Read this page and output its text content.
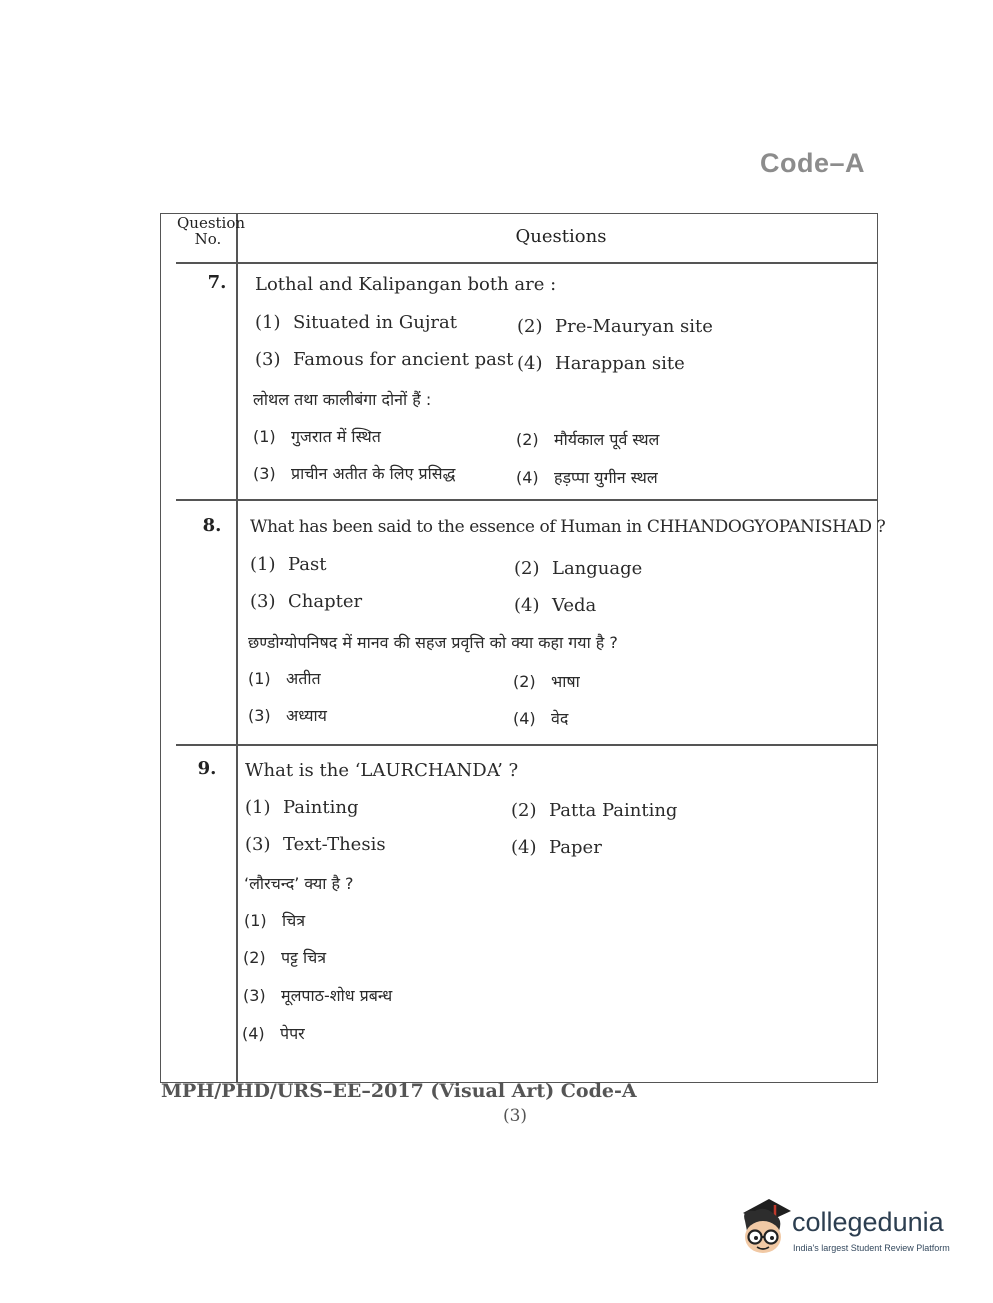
Code–A
Question
No.	Questions
7.	Lothal and Kalipangan both are :
(1) Situated in Gujrat	(2) Pre-Mauryan site
(3) Famous for ancient past (4) Harappan site
लोथल तथा कालीबंगा दोनों हैं :
(1) गुजरात में स्थित	(2) मौर्यकाल पूर्व स्थल
(3) प्राचीन अतीत के लिए प्रसिद्ध	(4) हड़प्पा युगीन स्थल
8.	What has been said to the essence of Human in CHHANDOGYOPANISHAD ?
(1) Past	(2) Language
(3) Chapter	(4) Veda
छण्डोग्योपनिषद में मानव की सहज प्रवृत्ति को क्या कहा गया है ?
(1) अतीत	(2) भाषा
(3) अध्याय	(4) वेद
9.	What is the ‘LAURCHANDA’ ?
(1) Painting	(2) Patta Painting
(3) Text-Thesis	(4) Paper
‘लौरचन्द’ क्या है ?
(1) चित्र
(2) पट्ट चित्र
(3) मूलपाठ-शोध प्रबन्ध
(4) पेपर
MPH/PHD/URS–EE–2017 (Visual Art) Code-A
(3)
collegedunia
India's largest Student Review Platform
